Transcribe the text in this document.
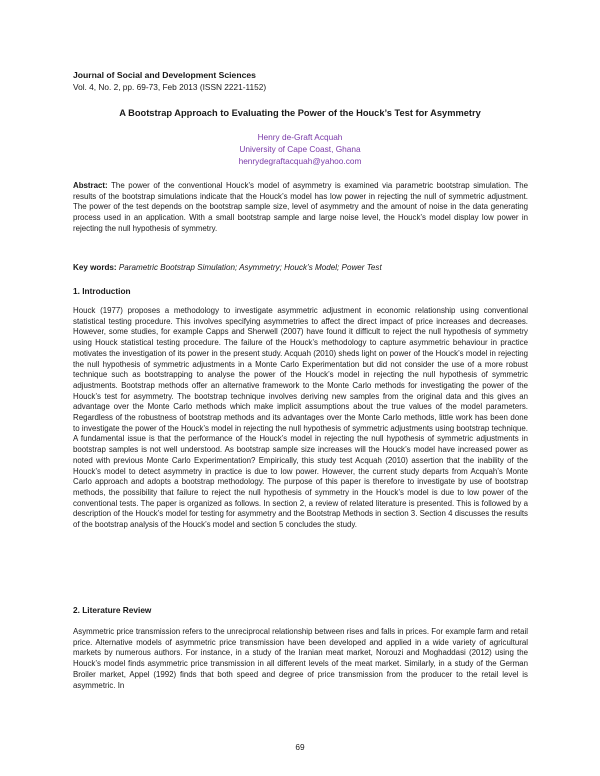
Journal of Social and Development Sciences
Vol. 4, No. 2, pp. 69-73, Feb 2013 (ISSN 2221-1152)
A Bootstrap Approach to Evaluating the Power of the Houck’s Test for Asymmetry
Henry de-Graft Acquah
University of Cape Coast, Ghana
henrydegraftacquah@yahoo.com

Abstract: The power of the conventional Houck’s model of asymmetry is examined via parametric bootstrap simulation. The results of the bootstrap simulations indicate that the Houck’s model has low power in rejecting the null of symmetric adjustment. The power of the test depends on the bootstrap sample size, level of asymmetry and the amount of noise in the data generating process used in an application. With a small bootstrap sample and large noise level, the Houck’s model display low power in rejecting the null hypothesis of symmetry.

Key words: Parametric Bootstrap Simulation; Asymmetry; Houck’s Model; Power Test
1. Introduction

Houck (1977) proposes a methodology to investigate asymmetric adjustment in economic relationship using conventional statistical testing procedure. This involves specifying asymmetries to affect the direct impact of price increases and decreases. However, some studies, for example Capps and Sherwell (2007) have found it difficult to reject the null hypothesis of symmetry using Houck statistical testing procedure. The failure of the Houck’s methodology to capture asymmetric behaviour in practice motivates the investigation of its power in the present study. Acquah (2010) sheds light on power of the Houck’s model in rejecting the null hypothesis of symmetric adjustments in a Monte Carlo Experimentation but did not consider the use of a more robust technique such as bootstrapping to analyse the power of the Houck’s model in rejecting the null hypothesis of symmetric adjustments. Bootstrap methods offer an alternative framework to the Monte Carlo methods for investigating the power of the Houck’s test for asymmetry. The bootstrap technique involves deriving new samples from the original data and this gives an advantage over the Monte Carlo methods which make implicit assumptions about the true values of the model parameters. Regardless of the robustness of bootstrap methods and its advantages over the Monte Carlo methods, little work has been done to investigate the power of the Houck’s model in rejecting the null hypothesis of symmetric adjustments using bootstrap technique. A fundamental issue is that the performance of the Houck’s model in rejecting the null hypothesis of symmetric adjustments in bootstrap samples is not well understood. As bootstrap sample size increases will the Houck’s model have increased power as noted with previous Monte Carlo Experimentation? Empirically, this study test Acquah (2010) assertion that the inability of the Houck’s model to detect asymmetry in practice is due to low power. However, the current study departs from Acquah’s Monte Carlo approach and adopts a bootstrap methodology. The purpose of this paper is therefore to investigate by use of bootstrap methods, the possibility that failure to reject the null hypothesis of symmetry in the Houck’s model is due to low power of the conventional tests. The paper is organized as follows. In section 2, a review of related literature is presented. This is followed by a description of the Houck’s model for testing for asymmetry and the Bootstrap Methods in section 3. Section 4 discusses the results of the bootstrap analysis of the Houck’s model and section 5 concludes the study.

2. Literature Review

Asymmetric price transmission refers to the unreciprocal relationship between rises and falls in prices. For example farm and retail price. Alternative models of asymmetric price transmission have been developed and applied in a wide variety of agricultural markets by numerous authors. For instance, in a study of the Iranian meat market, Norouzi and Moghaddasi (2012) using the Houck’s model finds asymmetric price transmission in all different levels of the meat market. Similarly, in a study of the German Broiler market, Appel (1992) finds that both speed and degree of price transmission from the producer to the retail level is asymmetric. In

69
